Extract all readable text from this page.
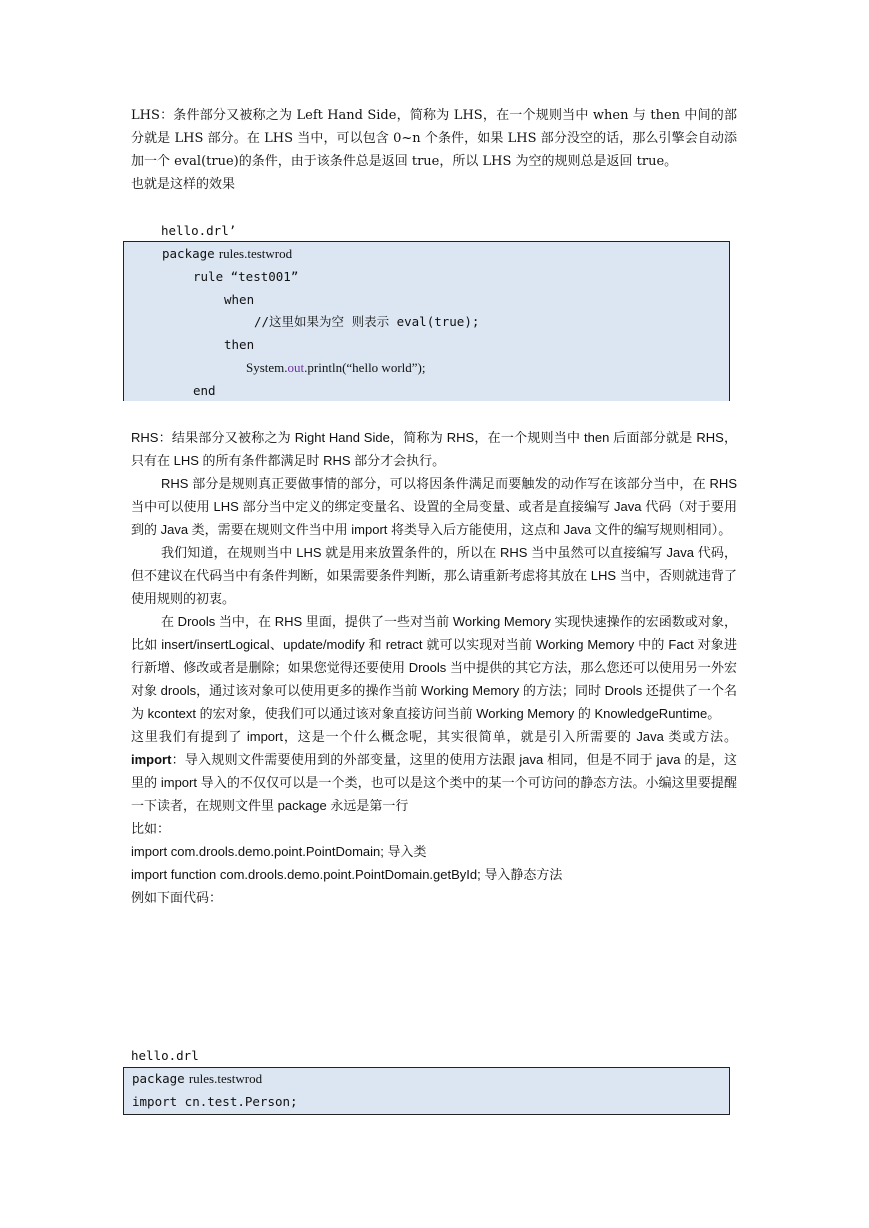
LHS：条件部分又被称之为 Left Hand Side，简称为 LHS，在一个规则当中 when 与 then 中间的部分就是 LHS 部分。在 LHS 当中，可以包含 0~n 个条件，如果 LHS 部分没空的话，那么引擎会自动添加一个 eval(true)的条件，由于该条件总是返回 true，所以 LHS 为空的规则总是返回 true。

也就是这样的效果

hello.drl’
package rules.testwrod
rule “test001”
when
//这里如果为空 则表示 eval(true);
then
System.out.println(“hello world”);
end

RHS：结果部分又被称之为 Right Hand Side，简称为 RHS，在一个规则当中 then 后面部分就是 RHS，只有在 LHS 的所有条件都满足时 RHS 部分才会执行。

RHS 部分是规则真正要做事情的部分，可以将因条件满足而要触发的动作写在该部分当中，在 RHS 当中可以使用 LHS 部分当中定义的绑定变量名、设置的全局变量、或者是直接编写 Java 代码（对于要用到的 Java 类，需要在规则文件当中用 import 将类导入后方能使用，这点和 Java 文件的编写规则相同）。

我们知道，在规则当中 LHS 就是用来放置条件的，所以在 RHS 当中虽然可以直接编写 Java 代码，但不建议在代码当中有条件判断，如果需要条件判断，那么请重新考虑将其放在 LHS 当中，否则就违背了使用规则的初衷。

在 Drools 当中，在 RHS 里面，提供了一些对当前 Working Memory 实现快速操作的宏函数或对象，比如 insert/insertLogical、update/modify 和 retract 就可以实现对当前 Working Memory 中的 Fact 对象进行新增、修改或者是删除；如果您觉得还要使用 Drools 当中提供的其它方法，那么您还可以使用另一外宏对象 drools，通过该对象可以使用更多的操作当前 Working Memory 的方法；同时 Drools 还提供了一个名为 kcontext 的宏对象，使我们可以通过该对象直接访问当前 Working Memory 的 KnowledgeRuntime。

这里我们有提到了 import，这是一个什么概念呢，其实很简单，就是引入所需要的 Java 类或方法。import：导入规则文件需要使用到的外部变量，这里的使用方法跟 java 相同，但是不同于 java 的是，这里的 import 导入的不仅仅可以是一个类，也可以是这个类中的某一个可访问的静态方法。小编这里要提醒一下读者，在规则文件里 package 永远是第一行

比如：

import com.drools.demo.point.PointDomain; 导入类

import function com.drools.demo.point.PointDomain.getById; 导入静态方法

例如下面代码：

hello.drl
package rules.testwrod
import cn.test.Person;
